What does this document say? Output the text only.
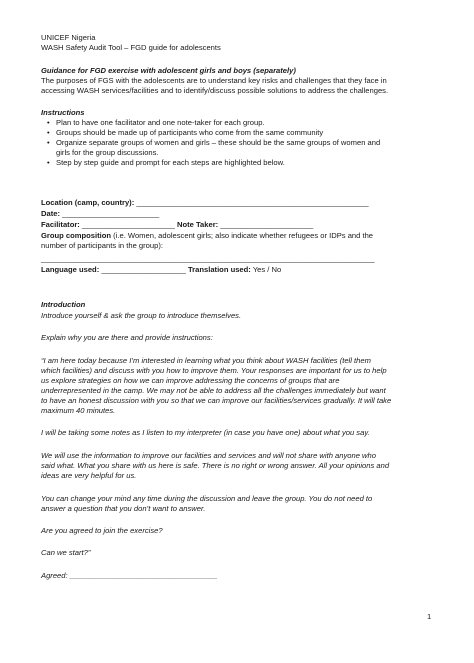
UNICEF Nigeria
WASH Safety Audit Tool – FGD guide for adolescents
Guidance for FGD exercise with adolescent girls and boys (separately)
The purposes of FGS with the adolescents are to understand key risks and challenges that they face in
accessing WASH services/facilities and to identify/discuss possible solutions to address the challenges.
Instructions
• Plan to have one facilitator and one note-taker for each group.
• Groups should be made up of participants who come from the same community
• Organize separate groups of women and girls – these should be the same groups of women and
girls for the group discussions.
• Step by step guide and prompt for each steps are highlighted below.
Location (camp, country): _______________________________________________________
Date: _______________________
Facilitator: ______________________ Note Taker: ______________________
Group composition (i.e. Women, adolescent girls; also indicate whether refugees or IDPs and the
number of participants in the group):
_______________________________________________________________________________
Language used: ____________________ Translation used: Yes / No
Introduction
Introduce yourself & ask the group to introduce themselves.
Explain why you are there and provide instructions:
“I am here today because I’m interested in learning what you think about WASH facilities (tell them
which facilities) and discuss with you how to improve them. Your responses are important for us to help
us explore strategies on how we can improve addressing the concerns of groups that are
underrepresented in the camp. We may not be able to address all the challenges immediately but want
to have an honest discussion with you so that we can improve our facilities/services gradually. It will take
maximum 40 minutes.
I will be taking some notes as I listen to my interpreter (in case you have one) about what you say.
We will use the information to improve our facilities and services and will not share with anyone who
said what. What you share with us here is safe. There is no right or wrong answer. All your opinions and
ideas are very helpful for us.
You can change your mind any time during the discussion and leave the group. You do not need to
answer a question that you don’t want to answer.
Are you agreed to join the exercise?
Can we start?”
Agreed: ___________________________________
1
